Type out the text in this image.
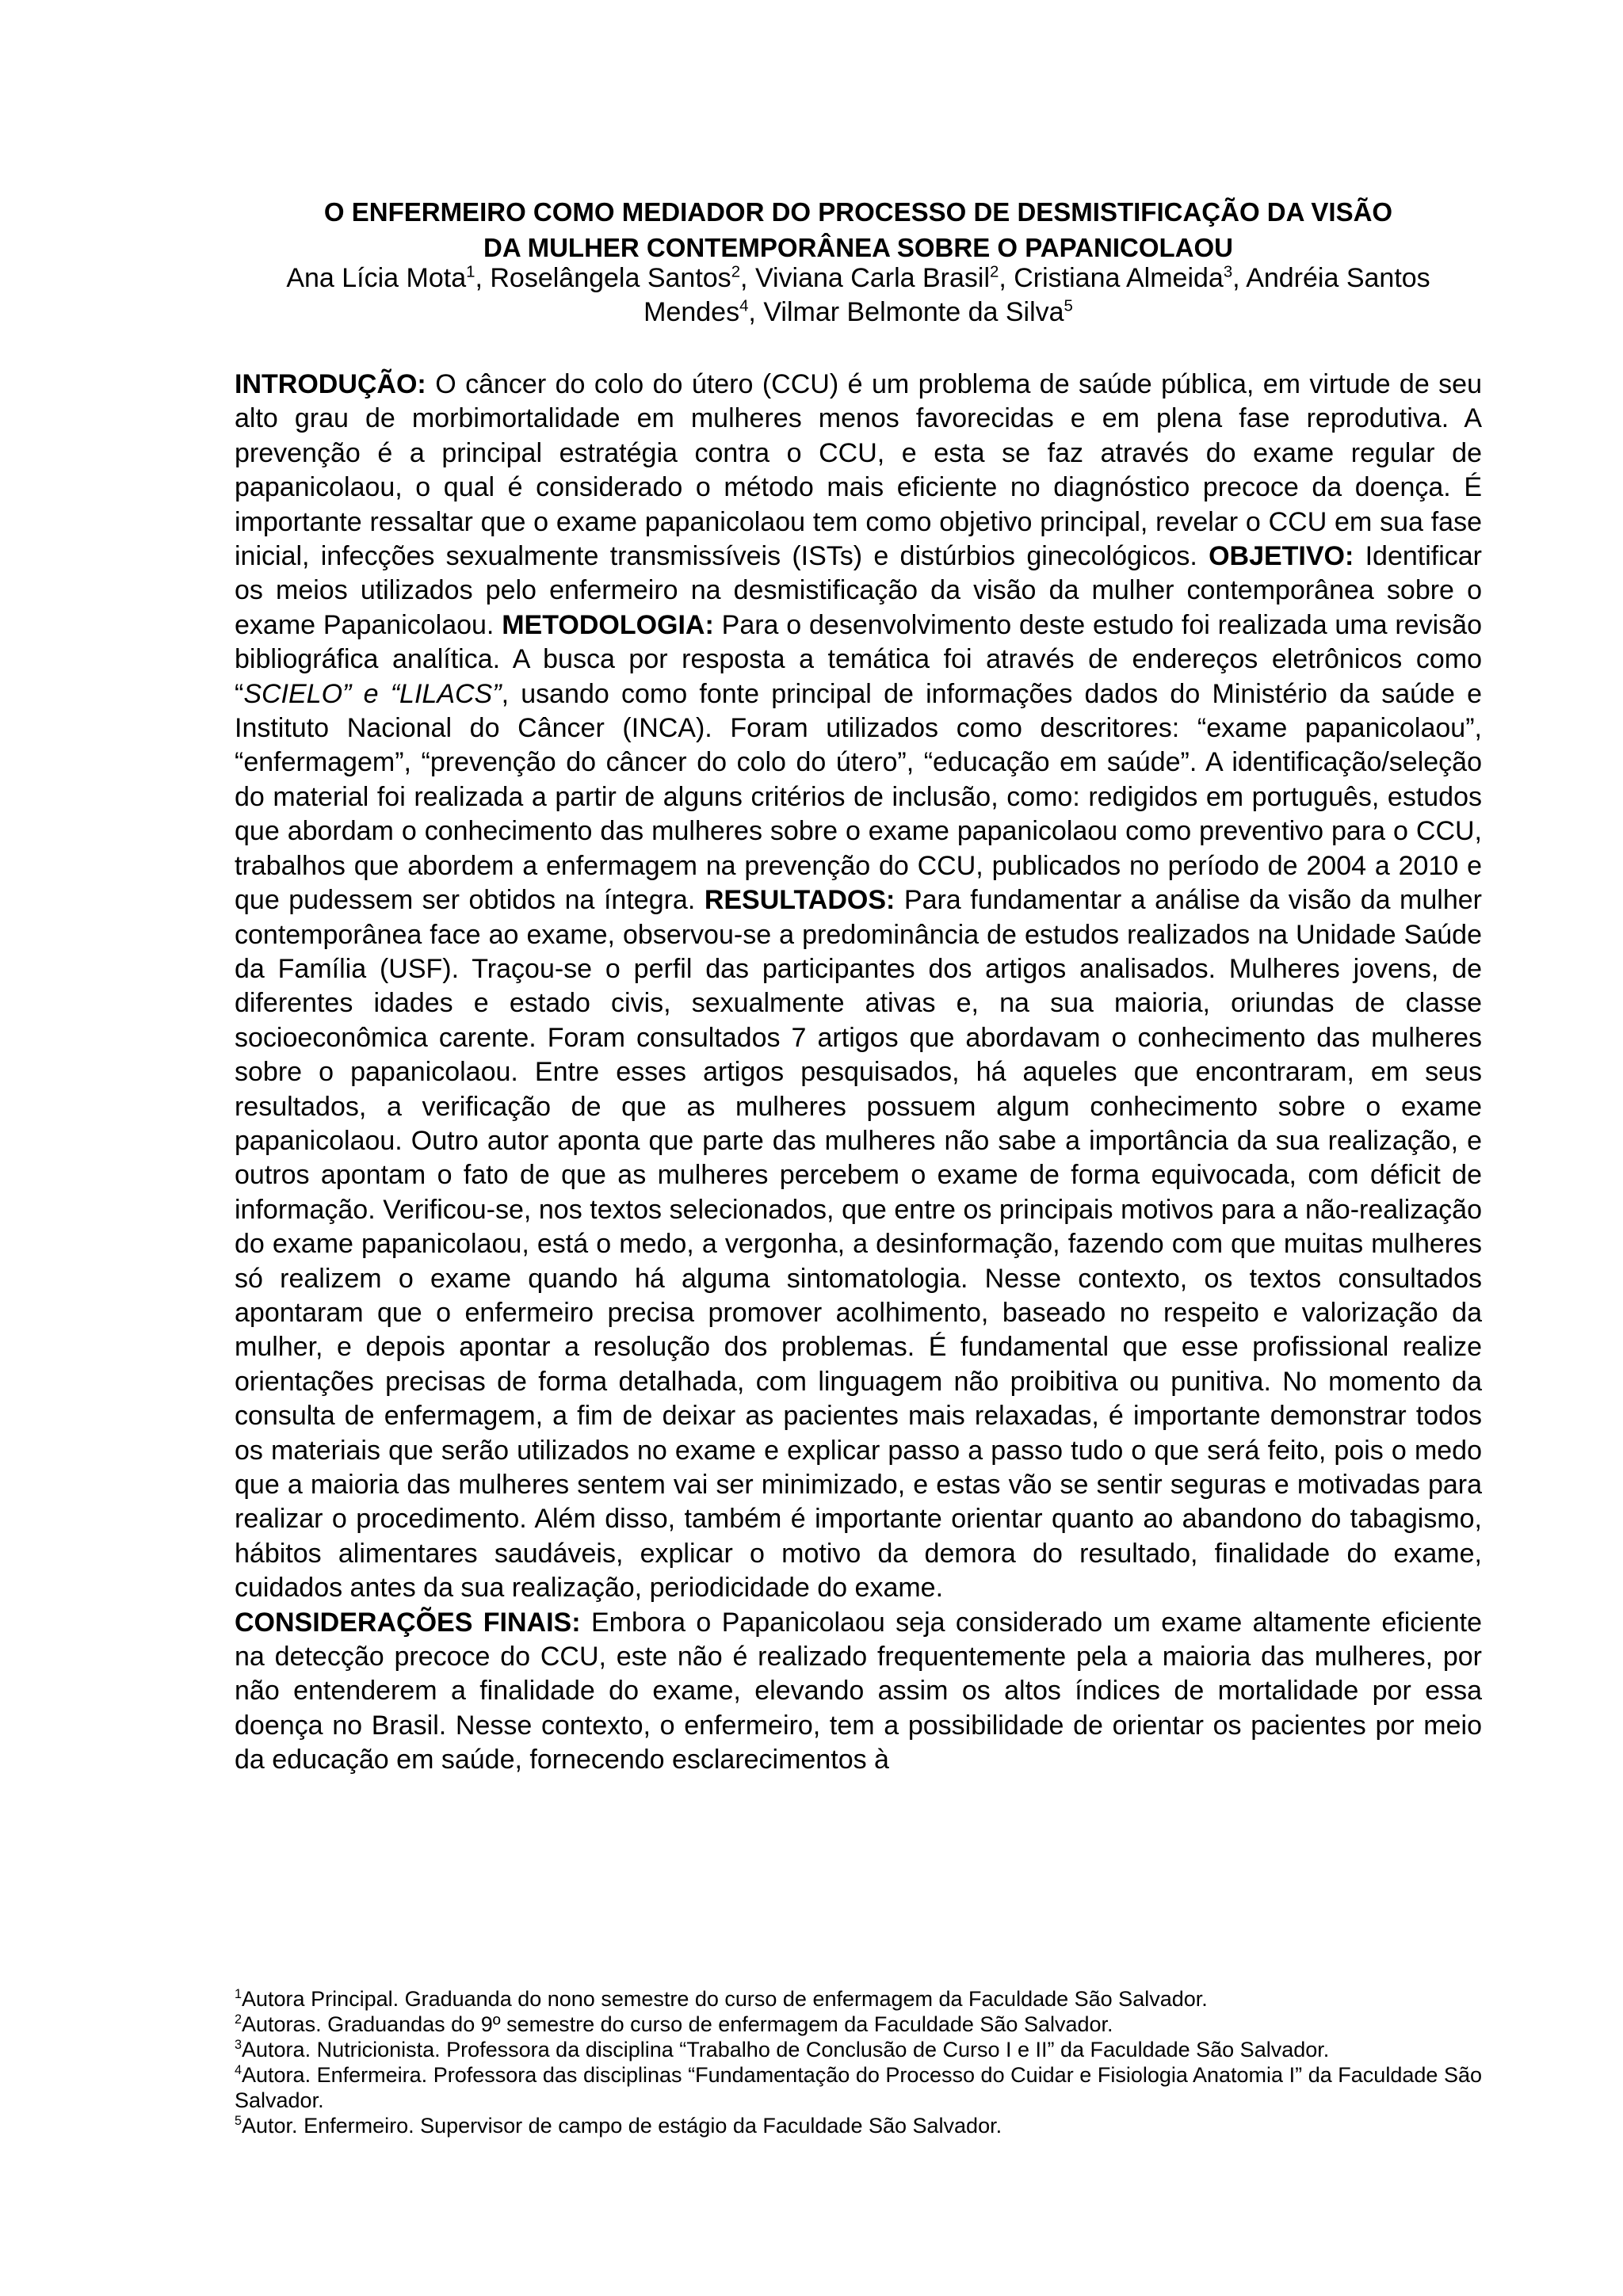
O ENFERMEIRO COMO MEDIADOR DO PROCESSO DE DESMISTIFICAÇÃO DA VISÃO
DA MULHER CONTEMPORÂNEA SOBRE O PAPANICOLAOU
Ana Lícia Mota$^1$, Roselângela Santos$^2$, Viviana Carla Brasil$^2$, Cristiana Almeida$^3$, Andréia Santos Mendes$^4$, Vilmar Belmonte da Silva$^5$
INTRODUÇÃO: O câncer do colo do útero (CCU) é um problema de saúde pública, em virtude de seu alto grau de morbimortalidade em mulheres menos favorecidas e em plena fase reprodutiva. A prevenção é a principal estratégia contra o CCU, e esta se faz através do exame regular de papanicolaou, o qual é considerado o método mais eficiente no diagnóstico precoce da doença. É importante ressaltar que o exame papanicolaou tem como objetivo principal, revelar o CCU em sua fase inicial, infecções sexualmente transmissíveis (ISTs) e distúrbios ginecológicos. OBJETIVO: Identificar os meios utilizados pelo enfermeiro na desmistificação da visão da mulher contemporânea sobre o exame Papanicolaou. METODOLOGIA: Para o desenvolvimento deste estudo foi realizada uma revisão bibliográfica analítica. A busca por resposta a temática foi através de endereços eletrônicos como “SCIELO” e “LILACS”, usando como fonte principal de informações dados do Ministério da saúde e Instituto Nacional do Câncer (INCA). Foram utilizados como descritores: “exame papanicolaou”, “enfermagem”, “prevenção do câncer do colo do útero”, “educação em saúde”. A identificação/seleção do material foi realizada a partir de alguns critérios de inclusão, como: redigidos em português, estudos que abordam o conhecimento das mulheres sobre o exame papanicolaou como preventivo para o CCU, trabalhos que abordem a enfermagem na prevenção do CCU, publicados no período de 2004 a 2010 e que pudessem ser obtidos na íntegra. RESULTADOS: Para fundamentar a análise da visão da mulher contemporânea face ao exame, observou-se a predominância de estudos realizados na Unidade Saúde da Família (USF). Traçou-se o perfil das participantes dos artigos analisados. Mulheres jovens, de diferentes idades e estado civis, sexualmente ativas e, na sua maioria, oriundas de classe socioeconômica carente. Foram consultados 7 artigos que abordavam o conhecimento das mulheres sobre o papanicolaou. Entre esses artigos pesquisados, há aqueles que encontraram, em seus resultados, a verificação de que as mulheres possuem algum conhecimento sobre o exame papanicolaou. Outro autor aponta que parte das mulheres não sabe a importância da sua realização, e outros apontam o fato de que as mulheres percebem o exame de forma equivocada, com déficit de informação. Verificou-se, nos textos selecionados, que entre os principais motivos para a não-realização do exame papanicolaou, está o medo, a vergonha, a desinformação, fazendo com que muitas mulheres só realizem o exame quando há alguma sintomatologia. Nesse contexto, os textos consultados apontaram que o enfermeiro precisa promover acolhimento, baseado no respeito e valorização da mulher, e depois apontar a resolução dos problemas. É fundamental que esse profissional realize orientações precisas de forma detalhada, com linguagem não proibitiva ou punitiva. No momento da consulta de enfermagem, a fim de deixar as pacientes mais relaxadas, é importante demonstrar todos os materiais que serão utilizados no exame e explicar passo a passo tudo o que será feito, pois o medo que a maioria das mulheres sentem vai ser minimizado, e estas vão se sentir seguras e motivadas para realizar o procedimento. Além disso, também é importante orientar quanto ao abandono do tabagismo, hábitos alimentares saudáveis, explicar o motivo da demora do resultado, finalidade do exame, cuidados antes da sua realização, periodicidade do exame.
CONSIDERAÇÕES FINAIS: Embora o Papanicolaou seja considerado um exame altamente eficiente na detecção precoce do CCU, este não é realizado frequentemente pela a maioria das mulheres, por não entenderem a finalidade do exame, elevando assim os altos índices de mortalidade por essa doença no Brasil. Nesse contexto, o enfermeiro, tem a possibilidade de orientar os pacientes por meio da educação em saúde, fornecendo esclarecimentos à

$^1$Autora Principal. Graduanda do nono semestre do curso de enfermagem da Faculdade São Salvador.

$^2$Autoras. Graduandas do 9º semestre do curso de enfermagem da Faculdade São Salvador.

$^3$Autora. Nutricionista. Professora da disciplina “Trabalho de Conclusão de Curso I e II” da Faculdade São Salvador.

$^4$Autora. Enfermeira. Professora das disciplinas “Fundamentação do Processo do Cuidar e Fisiologia Anatomia I” da Faculdade São Salvador.

$^5$Autor. Enfermeiro. Supervisor de campo de estágio da Faculdade São Salvador.
